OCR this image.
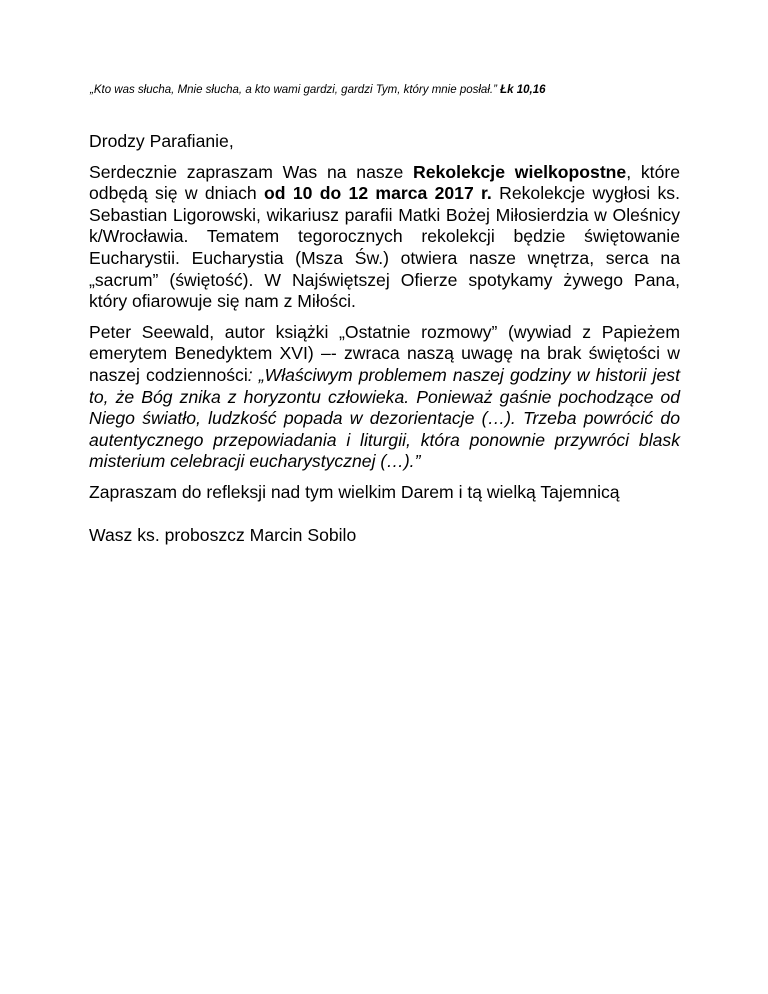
„Kto was słucha, Mnie słucha, a kto wami gardzi, gardzi Tym, który mnie posłał.” Łk 10,16

Drodzy Parafianie,

Serdecznie zapraszam Was na nasze Rekolekcje wielkopostne, które odbędą się w dniach od 10 do 12 marca 2017 r. Rekolekcje wygłosi ks. Sebastian Ligorowski, wikariusz parafii Matki Bożej Miłosierdzia w Oleśnicy k/Wrocławia. Tematem tegorocznych rekolekcji będzie świętowanie Eucharystii. Eucharystia (Msza Św.) otwiera nasze wnętrza, serca na „sacrum” (świętość). W Najświętszej Ofierze spotykamy żywego Pana, który ofiarowuje się nam z Miłości.

Peter Seewald, autor książki „Ostatnie rozmowy” (wywiad z Papieżem emerytem Benedyktem XVI) –- zwraca naszą uwagę na brak świętości w naszej codzienności: „Właściwym problemem naszej godziny w historii jest to, że Bóg znika z horyzontu człowieka. Ponieważ gaśnie pochodzące od Niego światło, ludzkość popada w dezorientacje (…). Trzeba powrócić do autentycznego przepowiadania i liturgii, która ponownie przywróci blask misterium celebracji eucharystycznej (…).”

Zapraszam do refleksji nad tym wielkim Darem i tą wielką Tajemnicą

Wasz ks. proboszcz Marcin Sobilo
